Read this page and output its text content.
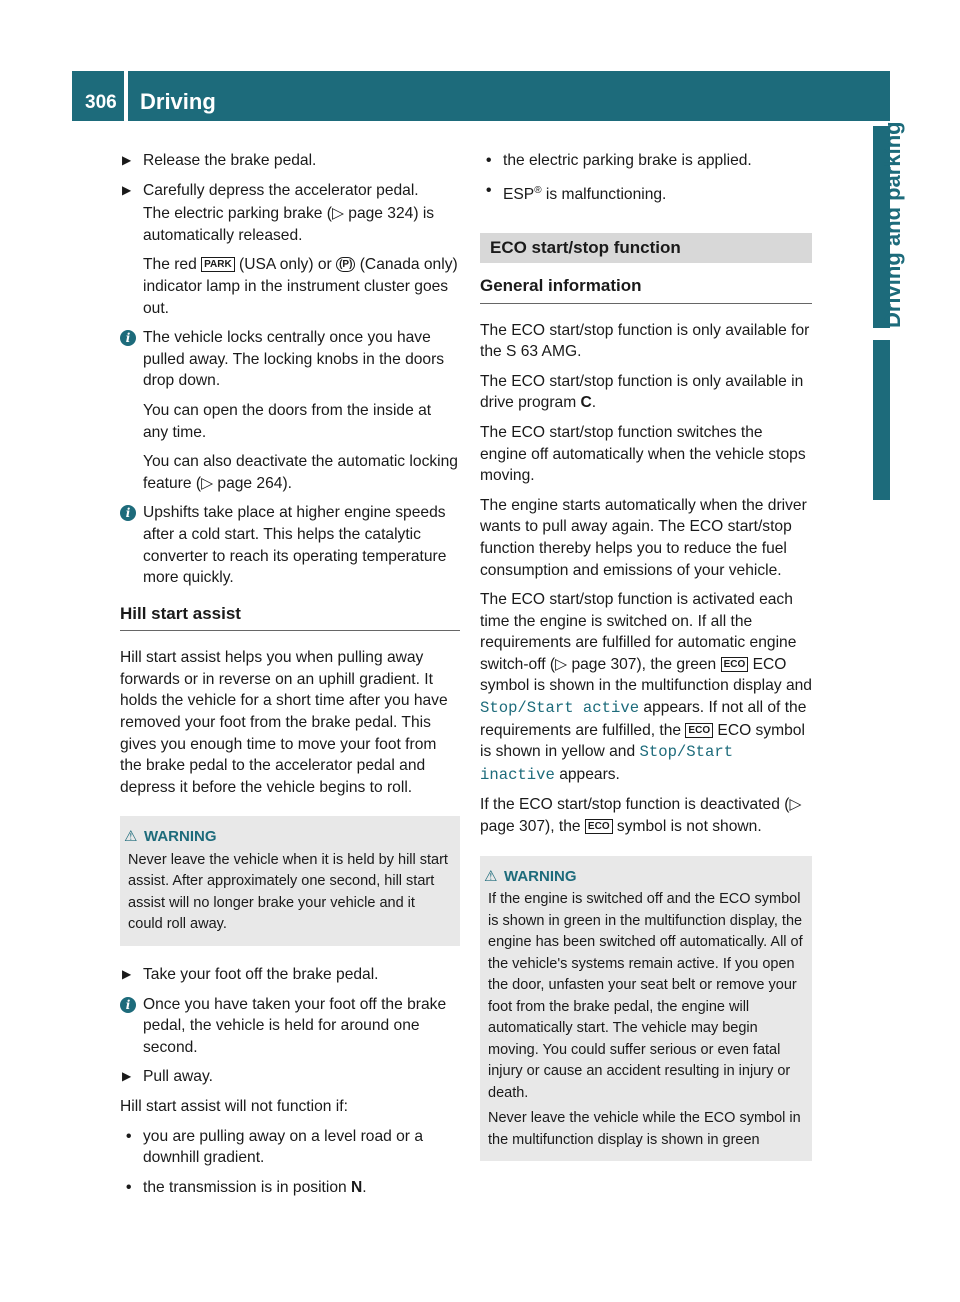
306 Driving
Driving and parking
▶ Release the brake pedal.
▶ Carefully depress the accelerator pedal.
The electric parking brake (▷ page 324) is automatically released.
The red PARK (USA only) or (P) (Canada only) indicator lamp in the instrument cluster goes out.
i The vehicle locks centrally once you have pulled away. The locking knobs in the doors drop down.
You can open the doors from the inside at any time.
You can also deactivate the automatic locking feature (▷ page 264).
i Upshifts take place at higher engine speeds after a cold start. This helps the catalytic converter to reach its operating temperature more quickly.
Hill start assist

Hill start assist helps you when pulling away forwards or in reverse on an uphill gradient. It holds the vehicle for a short time after you have removed your foot from the brake pedal. This gives you enough time to move your foot from the brake pedal to the accelerator pedal and depress it before the vehicle begins to roll.

⚠ WARNING
Never leave the vehicle when it is held by hill start assist. After approximately one second, hill start assist will no longer brake your vehicle and it could roll away.
▶ Take your foot off the brake pedal.
i Once you have taken your foot off the brake pedal, the vehicle is held for around one second.
▶ Pull away.

Hill start assist will not function if:

• you are pulling away on a level road or a downhill gradient.
• the transmission is in position N.
• the electric parking brake is applied.
• ESP® is malfunctioning.
ECO start/stop function
General information

The ECO start/stop function is only available for the S 63 AMG.

The ECO start/stop function is only available in drive program C.

The ECO start/stop function switches the engine off automatically when the vehicle stops moving.

The engine starts automatically when the driver wants to pull away again. The ECO start/stop function thereby helps you to reduce the fuel consumption and emissions of your vehicle.

The ECO start/stop function is activated each time the engine is switched on. If all the requirements are fulfilled for automatic engine switch-off (▷ page 307), the green ECO ECO symbol is shown in the multifunction display and Stop/Start active appears. If not all of the requirements are fulfilled, the ECO ECO symbol is shown in yellow and Stop/Start inactive appears.

If the ECO start/stop function is deactivated (▷ page 307), the ECO symbol is not shown.

⚠ WARNING
If the engine is switched off and the ECO symbol is shown in green in the multifunction display, the engine has been switched off automatically. All of the vehicle's systems remain active. If you open the door, unfasten your seat belt or remove your foot from the brake pedal, the engine will automatically start. The vehicle may begin moving. You could suffer serious or even fatal injury or cause an accident resulting in injury or death.
Never leave the vehicle while the ECO symbol in the multifunction display is shown in green
